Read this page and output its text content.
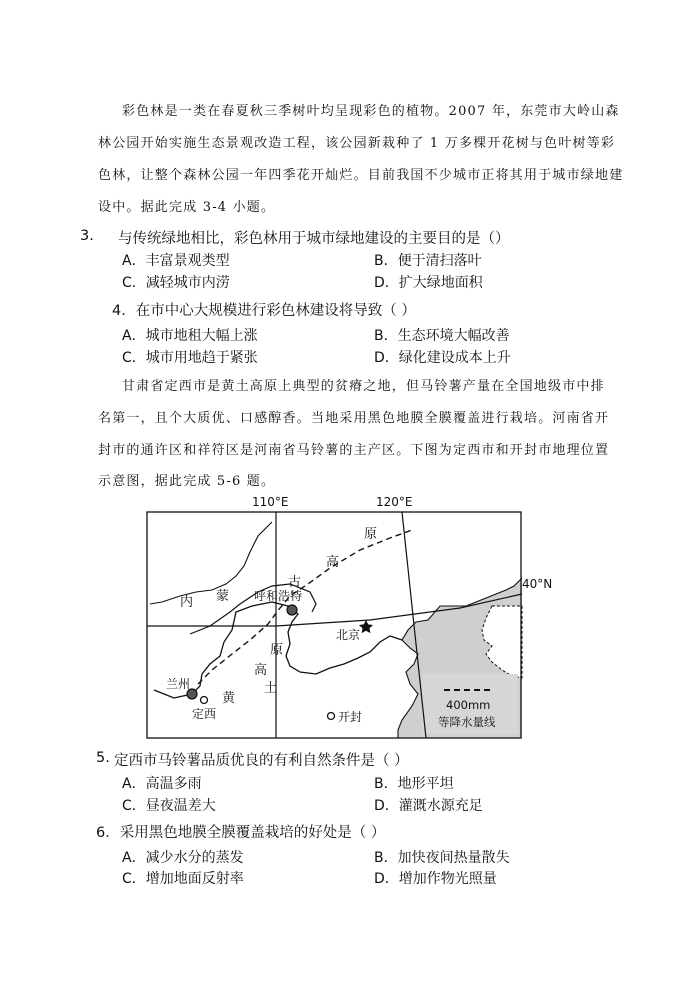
彩色林是一类在春夏秋三季树叶均呈现彩色的植物。2007 年，东莞市大岭山森
林公园开始实施生态景观改造工程，该公园新栽种了 1 万多棵开花树与色叶树等彩
色林，让整个森林公园一年四季花开灿烂。目前我国不少城市正将其用于城市绿地建
设中。据此完成 3-4 小题。
3. 与传统绿地相比，彩色林用于城市绿地建设的主要目的是（）
A．丰富景观类型	B．便于清扫落叶
C．减轻城市内涝	D．扩大绿地面积
4．在市中心大规模进行彩色林建设将导致（ ）
A．城市地租大幅上涨	B．生态环境大幅改善
C．城市用地趋于紧张	D．绿化建设成本上升
甘肃省定西市是黄土高原上典型的贫瘠之地，但马铃薯产量在全国地级市中排
名第一，且个大质优、口感醇香。当地采用黑色地膜全膜覆盖进行栽培。河南省开
封市的通许区和祥符区是河南省马铃薯的主产区。下图为定西市和开封市地理位置
示意图，据此完成 5-6 题。
110°E	120°E
40°N
原
高
古
内 蒙
原
高
土
黄
呼和浩特
北京
兰州
定西	开封
400mm
等降水量线
5. 定西市马铃薯品质优良的有利自然条件是（ ）
A．高温多雨	B．地形平坦
C．昼夜温差大	D．灌溉水源充足
6．采用黑色地膜全膜覆盖栽培的好处是（ ）
A．减少水分的蒸发	B．加快夜间热量散失
C．增加地面反射率	D．增加作物光照量
